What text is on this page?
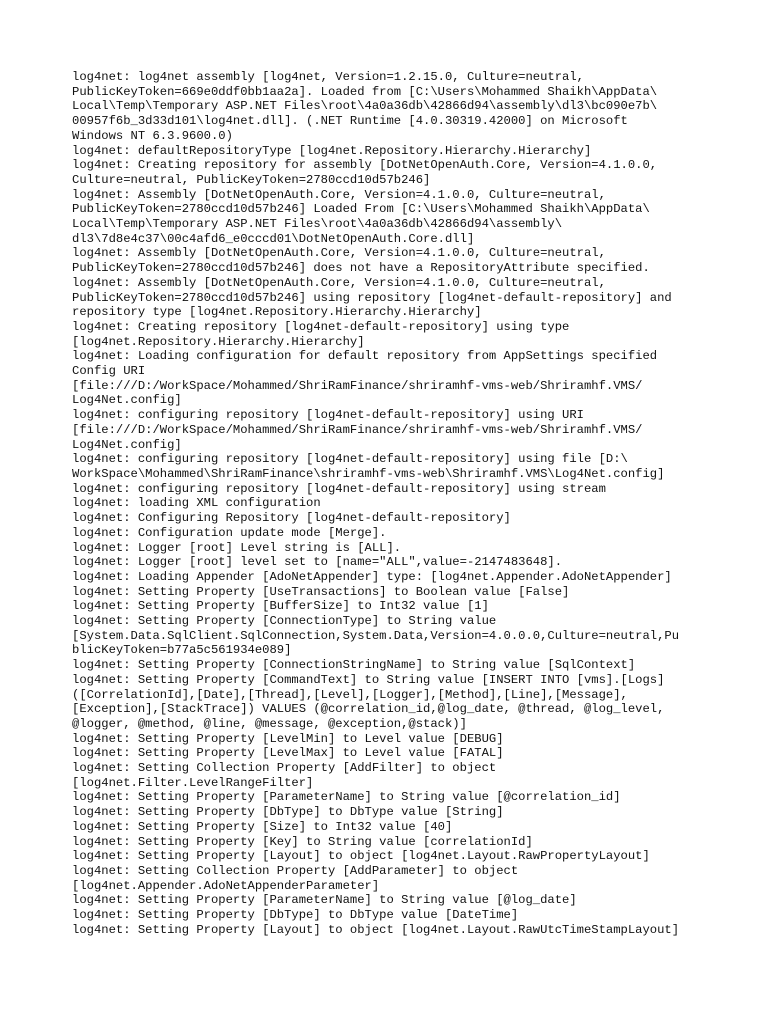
log4net: log4net assembly [log4net, Version=1.2.15.0, Culture=neutral,
PublicKeyToken=669e0ddf0bb1aa2a]. Loaded from [C:\Users\Mohammed Shaikh\AppData\
Local\Temp\Temporary ASP.NET Files\root\4a0a36db\42866d94\assembly\dl3\bc090e7b\
00957f6b_3d33d101\log4net.dll]. (.NET Runtime [4.0.30319.42000] on Microsoft
Windows NT 6.3.9600.0)
log4net: defaultRepositoryType [log4net.Repository.Hierarchy.Hierarchy]
log4net: Creating repository for assembly [DotNetOpenAuth.Core, Version=4.1.0.0,
Culture=neutral, PublicKeyToken=2780ccd10d57b246]
log4net: Assembly [DotNetOpenAuth.Core, Version=4.1.0.0, Culture=neutral,
PublicKeyToken=2780ccd10d57b246] Loaded From [C:\Users\Mohammed Shaikh\AppData\
Local\Temp\Temporary ASP.NET Files\root\4a0a36db\42866d94\assembly\
dl3\7d8e4c37\00c4afd6_e0cccd01\DotNetOpenAuth.Core.dll]
log4net: Assembly [DotNetOpenAuth.Core, Version=4.1.0.0, Culture=neutral,
PublicKeyToken=2780ccd10d57b246] does not have a RepositoryAttribute specified.
log4net: Assembly [DotNetOpenAuth.Core, Version=4.1.0.0, Culture=neutral,
PublicKeyToken=2780ccd10d57b246] using repository [log4net-default-repository] and
repository type [log4net.Repository.Hierarchy.Hierarchy]
log4net: Creating repository [log4net-default-repository] using type
[log4net.Repository.Hierarchy.Hierarchy]
log4net: Loading configuration for default repository from AppSettings specified
Config URI
[file:///D:/WorkSpace/Mohammed/ShriRamFinance/shriramhf-vms-web/Shriramhf.VMS/
Log4Net.config]
log4net: configuring repository [log4net-default-repository] using URI
[file:///D:/WorkSpace/Mohammed/ShriRamFinance/shriramhf-vms-web/Shriramhf.VMS/
Log4Net.config]
log4net: configuring repository [log4net-default-repository] using file [D:\
WorkSpace\Mohammed\ShriRamFinance\shriramhf-vms-web\Shriramhf.VMS\Log4Net.config]
log4net: configuring repository [log4net-default-repository] using stream
log4net: loading XML configuration
log4net: Configuring Repository [log4net-default-repository]
log4net: Configuration update mode [Merge].
log4net: Logger [root] Level string is [ALL].
log4net: Logger [root] level set to [name="ALL",value=-2147483648].
log4net: Loading Appender [AdoNetAppender] type: [log4net.Appender.AdoNetAppender]
log4net: Setting Property [UseTransactions] to Boolean value [False]
log4net: Setting Property [BufferSize] to Int32 value [1]
log4net: Setting Property [ConnectionType] to String value
[System.Data.SqlClient.SqlConnection,System.Data,Version=4.0.0.0,Culture=neutral,Pu
blicKeyToken=b77a5c561934e089]
log4net: Setting Property [ConnectionStringName] to String value [SqlContext]
log4net: Setting Property [CommandText] to String value [INSERT INTO [vms].[Logs]
([CorrelationId],[Date],[Thread],[Level],[Logger],[Method],[Line],[Message],
[Exception],[StackTrace]) VALUES (@correlation_id,@log_date, @thread, @log_level,
@logger, @method, @line, @message, @exception,@stack)]
log4net: Setting Property [LevelMin] to Level value [DEBUG]
log4net: Setting Property [LevelMax] to Level value [FATAL]
log4net: Setting Collection Property [AddFilter] to object
[log4net.Filter.LevelRangeFilter]
log4net: Setting Property [ParameterName] to String value [@correlation_id]
log4net: Setting Property [DbType] to DbType value [String]
log4net: Setting Property [Size] to Int32 value [40]
log4net: Setting Property [Key] to String value [correlationId]
log4net: Setting Property [Layout] to object [log4net.Layout.RawPropertyLayout]
log4net: Setting Collection Property [AddParameter] to object
[log4net.Appender.AdoNetAppenderParameter]
log4net: Setting Property [ParameterName] to String value [@log_date]
log4net: Setting Property [DbType] to DbType value [DateTime]
log4net: Setting Property [Layout] to object [log4net.Layout.RawUtcTimeStampLayout]
